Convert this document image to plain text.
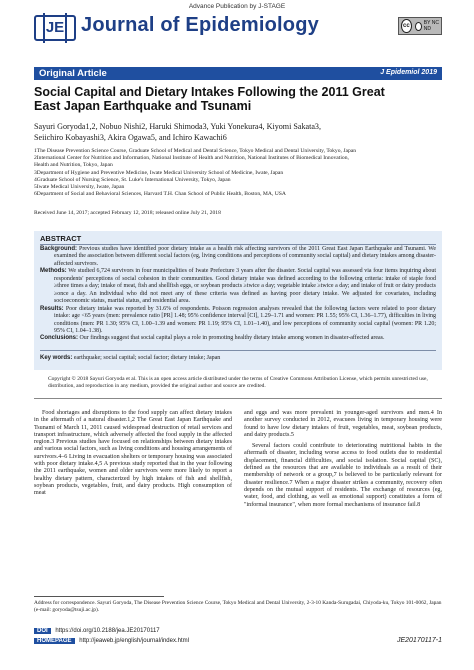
Advance Publication by J-STAGE
JE Journal of Epidemiology	cc	BY NC ND
Original Article	J Epidemiol 2019
Social Capital and Dietary Intakes Following the 2011 Great
East Japan Earthquake and Tsunami
Sayuri Goryoda1,2, Nobuo Nishi2, Haruki Shimoda3, Yuki Yonekura4, Kiyomi Sakata3,
Seiichiro Kobayashi3, Akira Ogawa5, and Ichiro Kawachi6
1The Disease Prevention Science Course, Graduate School of Medical and Dental Science, Tokyo Medical and Dental University, Tokyo, Japan
2International Center for Nutrition and Information, National Institute of Health and Nutrition, National Institutes of Biomedical Innovation,
Health and Nutrition, Tokyo, Japan
3Department of Hygiene and Preventive Medicine, Iwate Medical University School of Medicine, Iwate, Japan
4Graduate School of Nursing Science, St. Luke's International University, Tokyo, Japan
5Iwate Medical University, Iwate, Japan
6Department of Social and Behavioral Sciences, Harvard T.H. Chan School of Public Health, Boston, MA, USA
Received June 14, 2017; accepted February 12, 2018; released online July 21, 2018
ABSTRACT
Background: Previous studies have identified poor dietary intake as a health risk affecting survivors of the 2011 Great East Japan Earthquake and Tsunami. We examined the association between different social factors (eg, living conditions and perceptions of community social capital) and dietary intakes among disaster-affected survivors.
Methods: We studied 6,724 survivors in four municipalities of Iwate Prefecture 3 years after the disaster. Social capital was assessed via four items inquiring about respondents' perceptions of social cohesion in their communities. Good dietary intake was defined according to the following criteria: intake of staple food ≥three times a day; intake of meat, fish and shellfish eggs, or soybean products ≥twice a day; vegetable intake ≥twice a day; and intake of fruit or dairy products ≥once a day. An individual who did not meet any of these criteria was defined as having poor dietary intake. We adjusted for covariates, including socioeconomic status, marital status, and residential area.
Results: Poor dietary intake was reported by 31.6% of respondents. Poisson regression analyses revealed that the following factors were related to poor dietary intake: age <65 years (men: prevalence ratio [PR] 1.48; 95% confidence interval [CI], 1.29–1.71 and women: PR 1.55; 95% CI, 1.36–1.77), difficulties in living conditions (men: PR 1.30; 95% CI, 1.00–1.39 and women: PR 1.19; 95% CI, 1.01–1.40), and low perceptions of community social capital (women: PR 1.20; 95% CI, 1.04–1.38).
Conclusions: Our findings suggest that social capital plays a role in promoting healthy dietary intake among women in disaster-affected areas.
Key words: earthquake; social capital; social factor; dietary intake; Japan
Copyright © 2018 Sayuri Goryoda et al. This is an open access article distributed under the terms of Creative Commons Attribution License, which permits unrestricted use, distribution, and reproduction in any medium, provided the original author and source are credited.

Food shortages and disruptions to the food supply can affect dietary intakes in the aftermath of a natural disaster.1,2 The Great East Japan Earthquake and Tsunami of March 11, 2011 caused widespread destruction of retail services and transport infrastructure, which adversely affected the food supply in the affected region.3 Previous studies have focused on relationships between dietary intakes and various social factors, such as living conditions and housing arrangements of survivors.4–6 Living in evacuation shelters or temporary housing was associated with poor dietary intake.4,5 A previous study reported that in the year following the 2011 earthquake, women and older survivors were more likely to report a healthy dietary pattern, characterized by high intakes of fish and shellfish, soybean products, vegetables, fruit, and dairy products. High consumption of meat

and eggs and was more prevalent in younger-aged survivors and men.4 In another survey conducted in 2012, evacuees living in temporary housing were found to have low dietary intakes of fruit, vegetables, meat, soybean products, and dairy products.5

Several factors could contribute to deteriorating nutritional habits in the aftermath of disaster, including worse access to food outlets due to residential displacement, financial difficulties, and social isolation. Social capital (SC), defined as the resources that are available to individuals as a result of their membership of network or a group,7 is believed to be particularly relevant for disaster resilience.7 When a major disaster strikes a community, recovery often depends on the mutual support of residents. The exchange of resources (eg, water, food, and clothing, as well as emotional support) constitutes a form of "informal insurance", when more formal mechanisms of insurance fail.8

Address for correspondence. Sayuri Goryoda, The Disease Prevention Science Course, Tokyo Medical and Dental University, 2-3-10 Kanda-Surugadai, Chiyoda-ku, Tokyo 101-0062, Japan (e-mail: goryoda@tsuji.ac.jp).
DOI https://doi.org/10.2188/jea.JE20170117
HOMEPAGE http://jeaweb.jp/english/journal/index.html	JE20170117-1
